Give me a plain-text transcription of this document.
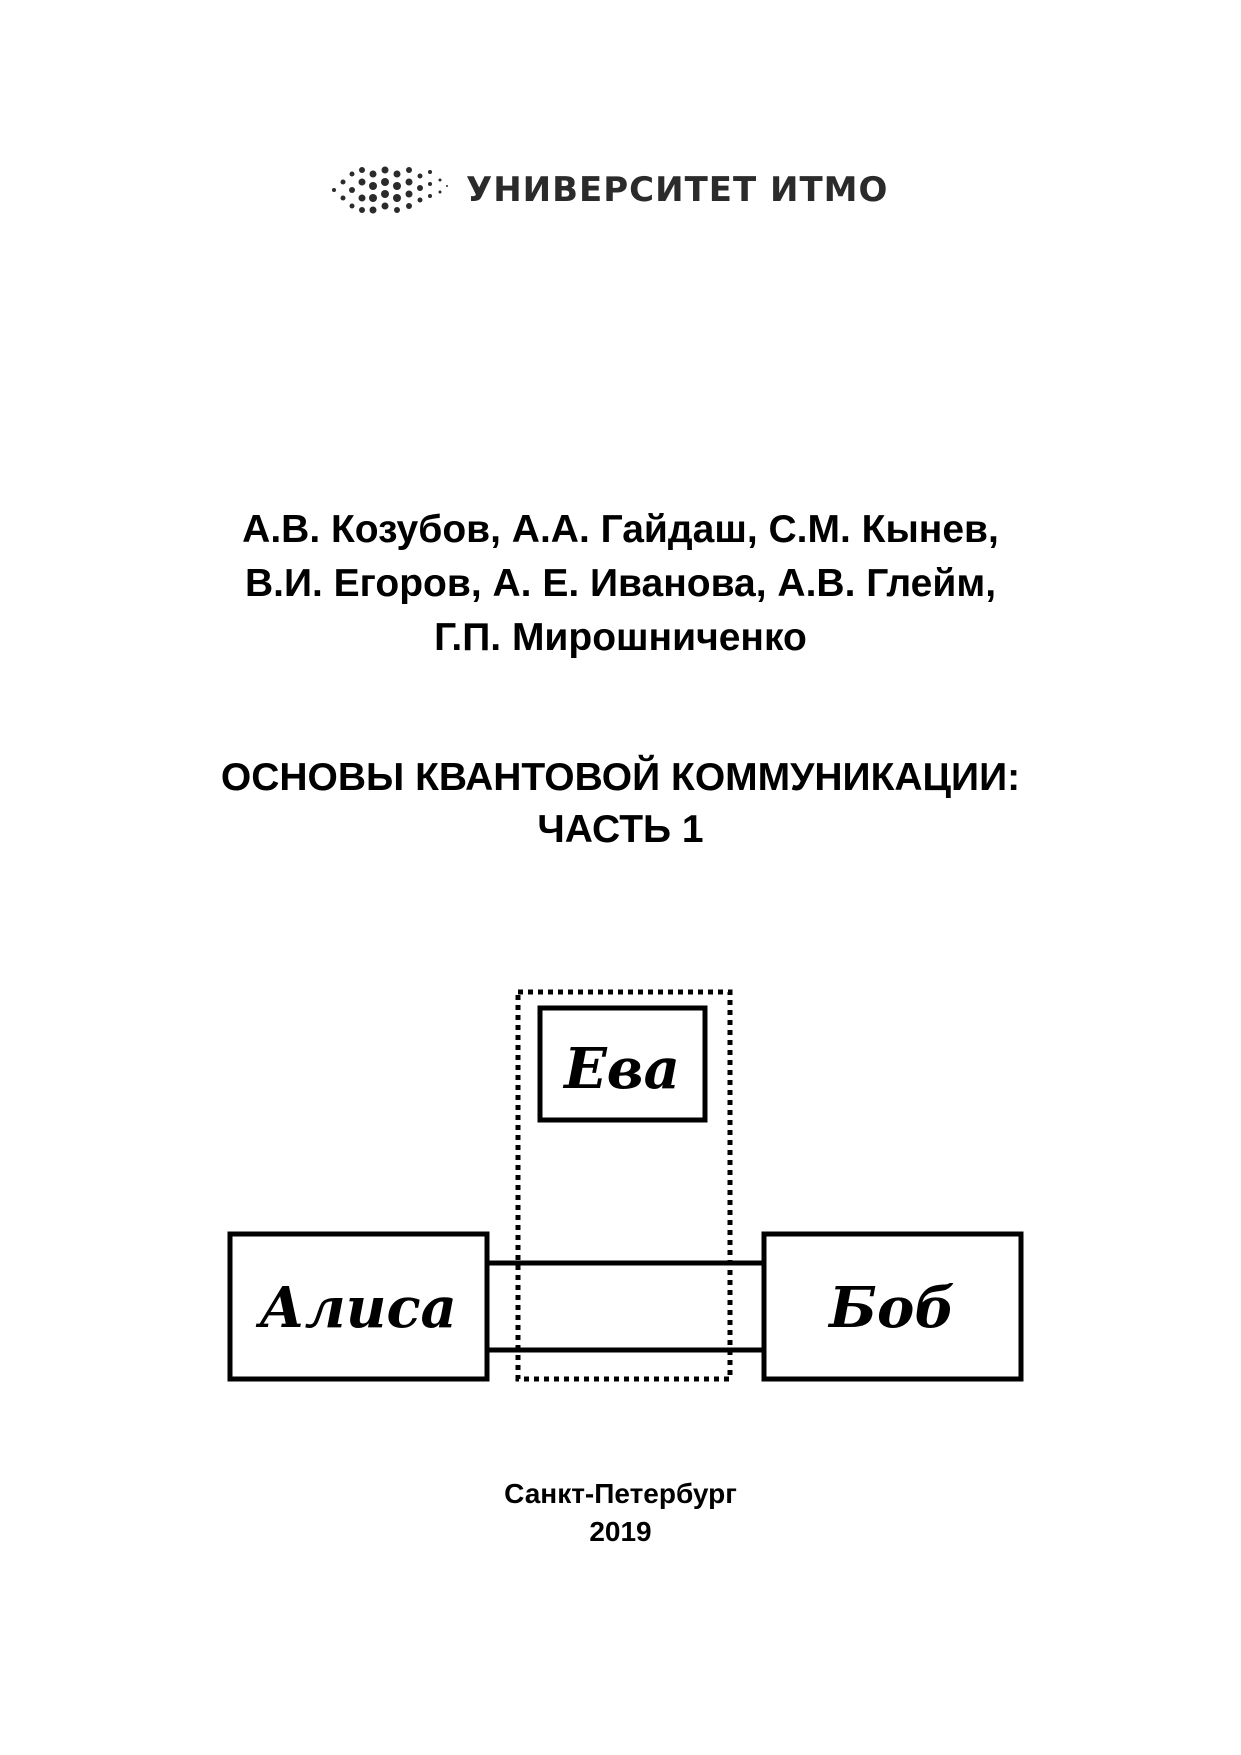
УНИВЕРСИТЕТ ИТМО
А.В. Козубов, А.А. Гайдаш, С.М. Кынев,
В.И. Егоров, А. Е. Иванова, А.В. Глейм,
Г.П. Мирошниченко
ОСНОВЫ КВАНТОВОЙ КОММУНИКАЦИИ:
ЧАСТЬ 1
Ева
Алиса	Боб
Санкт-Петербург
2019
